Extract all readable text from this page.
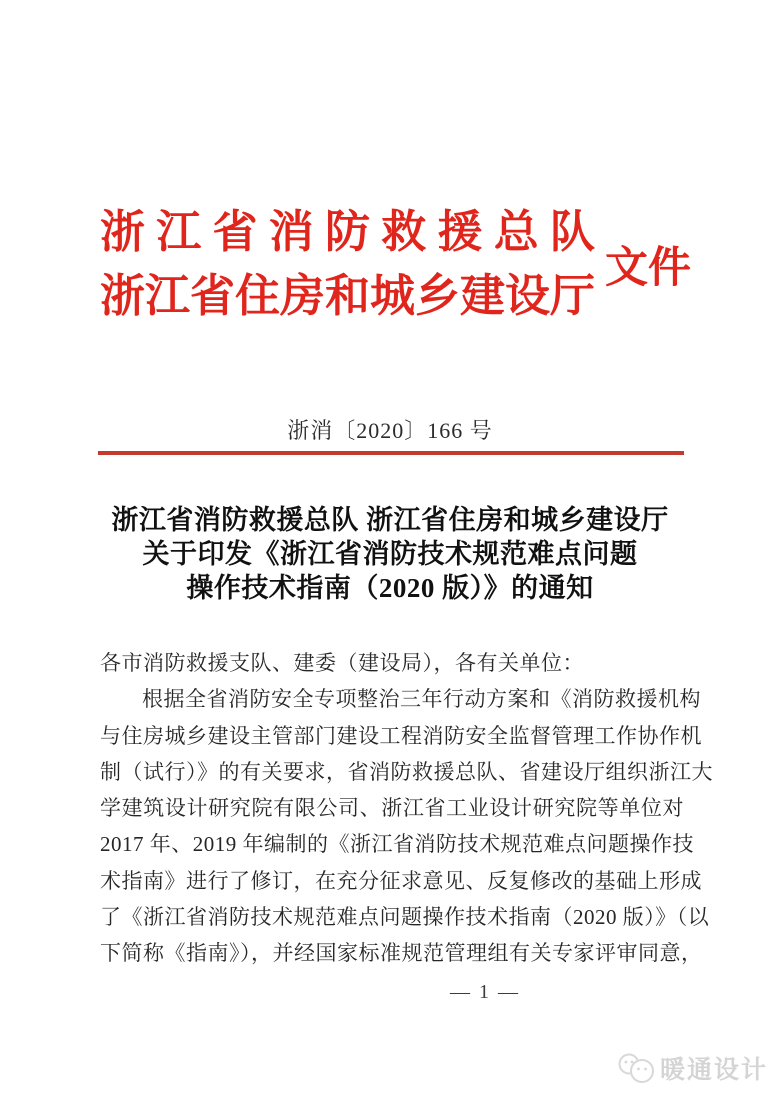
浙江省消防救援总队
浙江省住房和城乡建设厅
文件
浙消〔2020〕166 号
浙江省消防救援总队 浙江省住房和城乡建设厅
关于印发《浙江省消防技术规范难点问题
操作技术指南（2020 版）》的通知
各市消防救援支队、建委（建设局），各有关单位：
根据全省消防安全专项整治三年行动方案和《消防救援机构
与住房城乡建设主管部门建设工程消防安全监督管理工作协作机
制（试行）》的有关要求，省消防救援总队、省建设厅组织浙江大
学建筑设计研究院有限公司、浙江省工业设计研究院等单位对
2017 年、2019 年编制的《浙江省消防技术规范难点问题操作技
术指南》进行了修订，在充分征求意见、反复修改的基础上形成
了《浙江省消防技术规范难点问题操作技术指南（2020 版）》（以
下简称《指南》），并经国家标准规范管理组有关专家评审同意，
— 1 —
暖通设计
